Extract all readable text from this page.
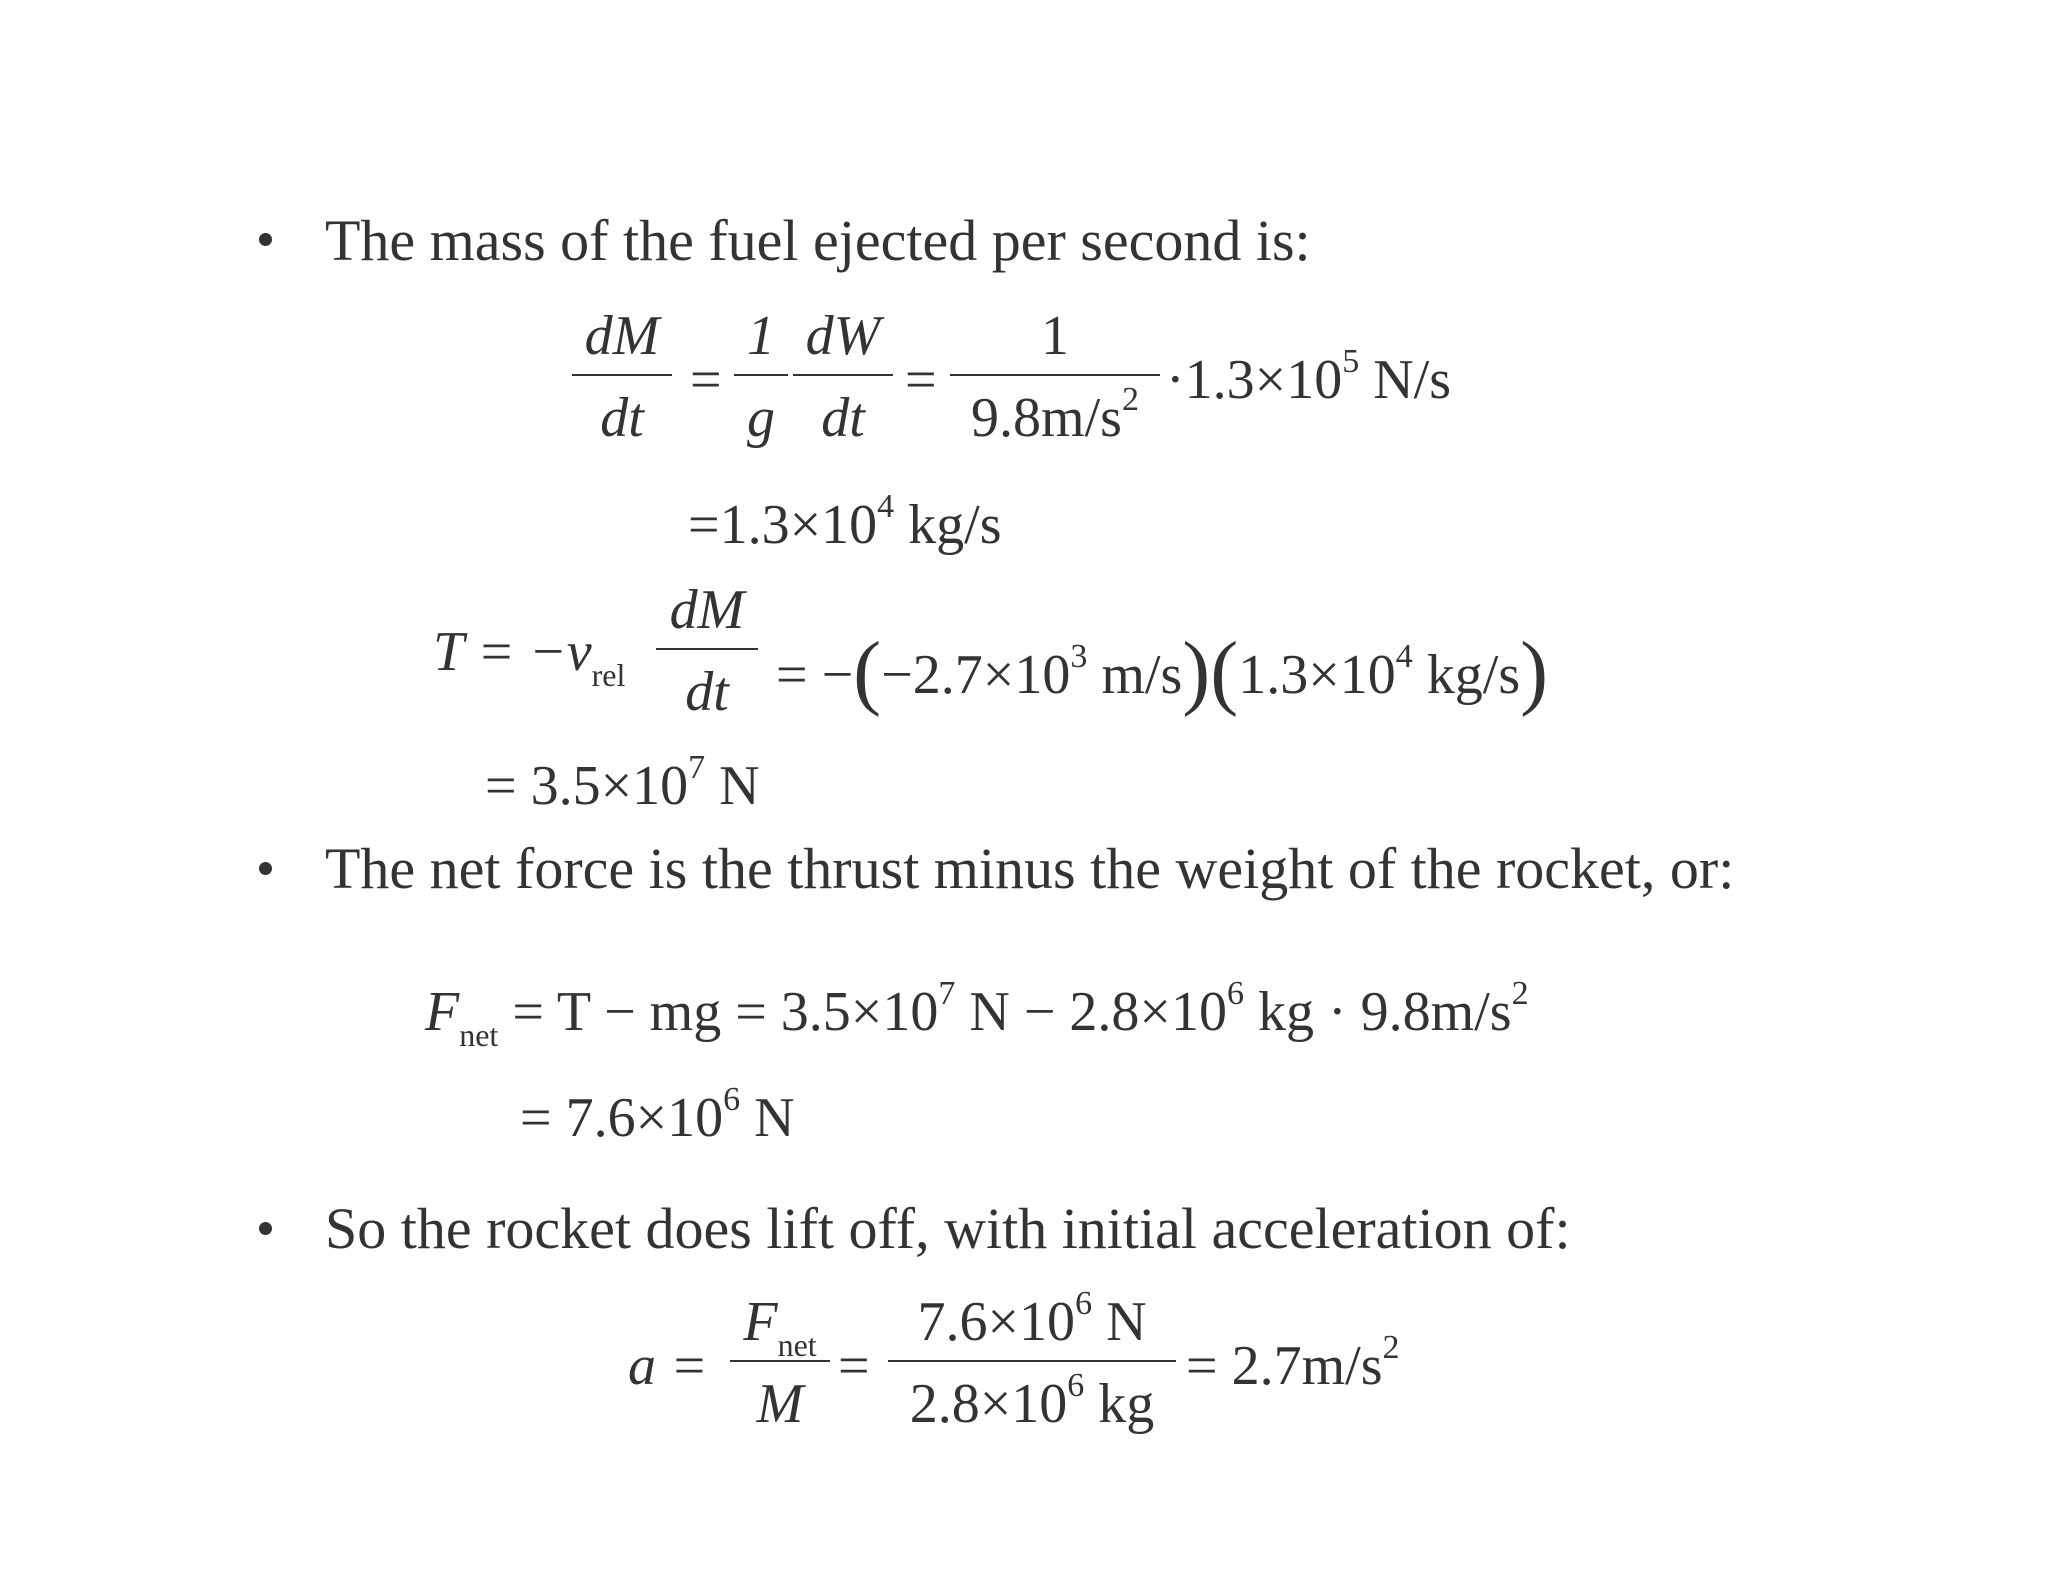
The mass of the fuel ejected per second is:
dM
dt
=
1
g
dW
dt
=
1
$9.8m/s^2 \cdot 1.3\times 10^5$ N/s
$=1.3\times 10^4$ kg/s
$T = -v_{rel}$
dM
dt = $-(-2.7\times 10^3$ $m/s)(1.3\times 10^4$ kg/s)
= $3.5\times 10^7$ N
The net force is the thrust minus the weight of the rocket, or:
$F_{net} = T$ − mg = $3.5\times 10^7$ $N - 2.8\times 10^6$ kg · $9.8m/s^2$
= $7.6\times 10^6$ N
So the rocket does lift off, with initial acceleration of:
a =
$F_{net}$
M
=
$7.6\times 10^6$ N
$2.8\times 10^6$ kg
= $2.7m/s^2$
